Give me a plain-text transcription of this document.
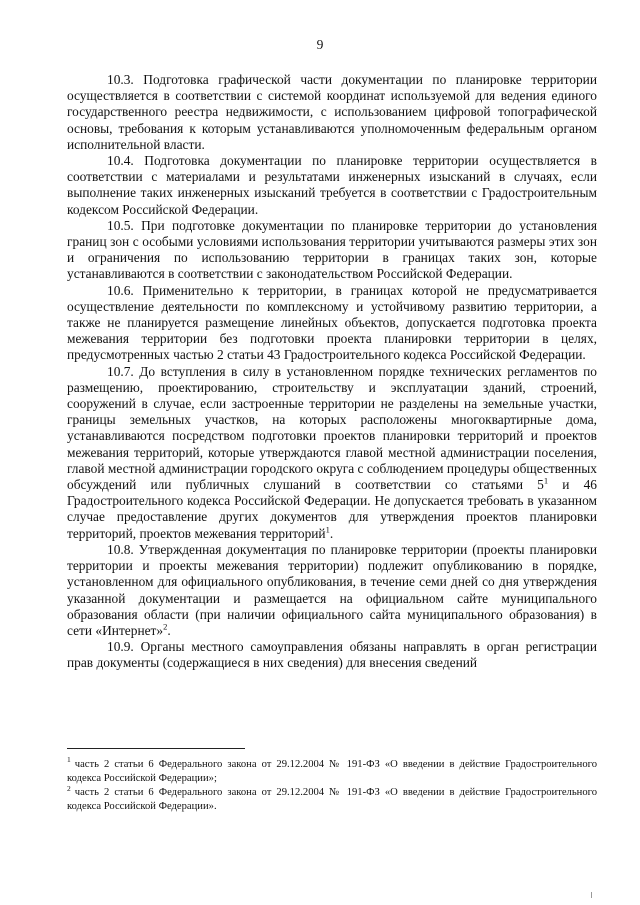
9

10.3. Подготовка графической части документации по планировке территории осуществляется в соответствии с системой координат используемой для ведения единого государственного реестра недвижимости, с использованием цифровой топографической основы, требования к которым устанавливаются уполномоченным федеральным органом исполнительной власти.

10.4. Подготовка документации по планировке территории осуществляется в соответствии с материалами и результатами инженерных изысканий в случаях, если выполнение таких инженерных изысканий требуется в соответствии с Градостроительным кодексом Российской Федерации.

10.5. При подготовке документации по планировке территории до установления границ зон с особыми условиями использования территории учитываются размеры этих зон и ограничения по использованию территории в границах таких зон, которые устанавливаются в соответствии с законодательством Российской Федерации.

10.6. Применительно к территории, в границах которой не предусматривается осуществление деятельности по комплексному и устойчивому развитию территории, а также не планируется размещение линейных объектов, допускается подготовка проекта межевания территории без подготовки проекта планировки территории в целях, предусмотренных частью 2 статьи 43 Градостроительного кодекса Российской Федерации.

10.7. До вступления в силу в установленном порядке технических регламентов по размещению, проектированию, строительству и эксплуатации зданий, строений, сооружений в случае, если застроенные территории не разделены на земельные участки, границы земельных участков, на которых расположены многоквартирные дома, устанавливаются посредством подготовки проектов планировки территорий и проектов межевания территорий, которые утверждаются главой местной администрации поселения, главой местной администрации городского округа с соблюдением процедуры общественных обсуждений или публичных слушаний в соответствии со статьями $5^1$ и 46 Градостроительного кодекса Российской Федерации. Не допускается требовать в указанном случае предоставление других документов для утверждения проектов планировки территорий, проектов межевания территорий$^1$.

10.8. Утвержденная документация по планировке территории (проекты планировки территории и проекты межевания территории) подлежит опубликованию в порядке, установленном для официального опубликования, в течение семи дней со дня утверждения указанной документации и размещается на официальном сайте муниципального образования области (при наличии официального сайта муниципального образования) в сети «Интернет»$^2$.

10.9. Органы местного самоуправления обязаны направлять в орган регистрации прав документы (содержащиеся в них сведения) для внесения сведений

$^1$ часть 2 статьи 6 Федерального закона от 29.12.2004 № 191-ФЗ «О введении в действие Градостроительного кодекса Российской Федерации»;

$^2$ часть 2 статьи 6 Федерального закона от 29.12.2004 № 191-ФЗ «О введении в действие Градостроительного кодекса Российской Федерации».
